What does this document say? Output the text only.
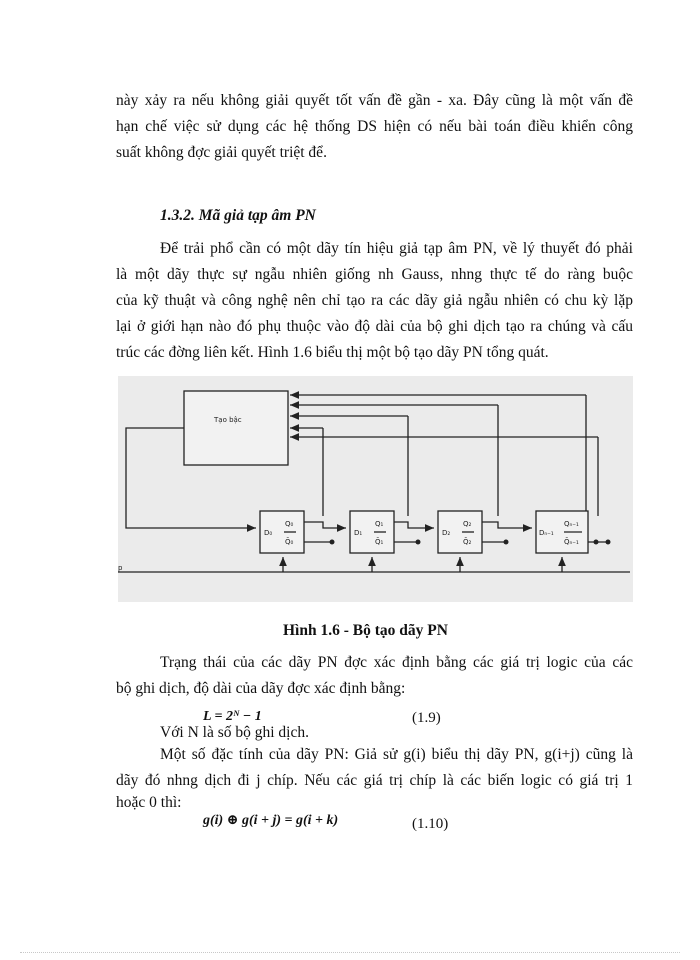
này xảy ra nếu không giải quyết tốt vấn đề gần - xa. Đây cũng là một vấn đề
hạn chế việc sử dụng các hệ thống DS hiện có nếu bài toán điều khiển công
suất không đợc giải quyết triệt để.
1.3.2. Mã giả tạp âm PN
Để trải phổ cần có một dãy tín hiệu giả tạp âm PN, về lý thuyết đó phải
là một dãy thực sự ngẫu nhiên giống nh Gauss, nhng thực tế do ràng buộc
của kỹ thuật và công nghệ nên chỉ tạo ra các dãy giả ngẫu nhiên có chu kỳ lặp
lại ở giới hạn nào đó phụ thuộc vào độ dài của bộ ghi dịch tạo ra chúng và cấu
trúc các đờng liên kết. Hình 1.6 biểu thị một bộ tạo dãy PN tổng quát.
Tạo bậc
p
D₀
Q₀
Q̄₀
D₁
Q₁
Q̄₁
D₂
Q₂
Q̄₂
Dₙ₋₁
Qₙ₋₁
Q̄ₙ₋₁
Hình 1.6 - Bộ tạo dãy PN
Trạng thái của các dãy PN đợc xác định bằng các giá trị logic của các
bộ ghi dịch, độ dài của dãy đợc xác định bằng:
L = 2ᴺ − 1	(1.9)
Với N là số bộ ghi dịch.
Một số đặc tính của dãy PN: Giả sử g(i) biểu thị dãy PN, g(i+j) cũng là
dãy đó nhng dịch đi j chíp. Nếu các giá trị chíp là các biến logic có giá trị 1
hoặc 0 thì:
g(i) ⊕ g(i + j) = g(i + k)	(1.10)
